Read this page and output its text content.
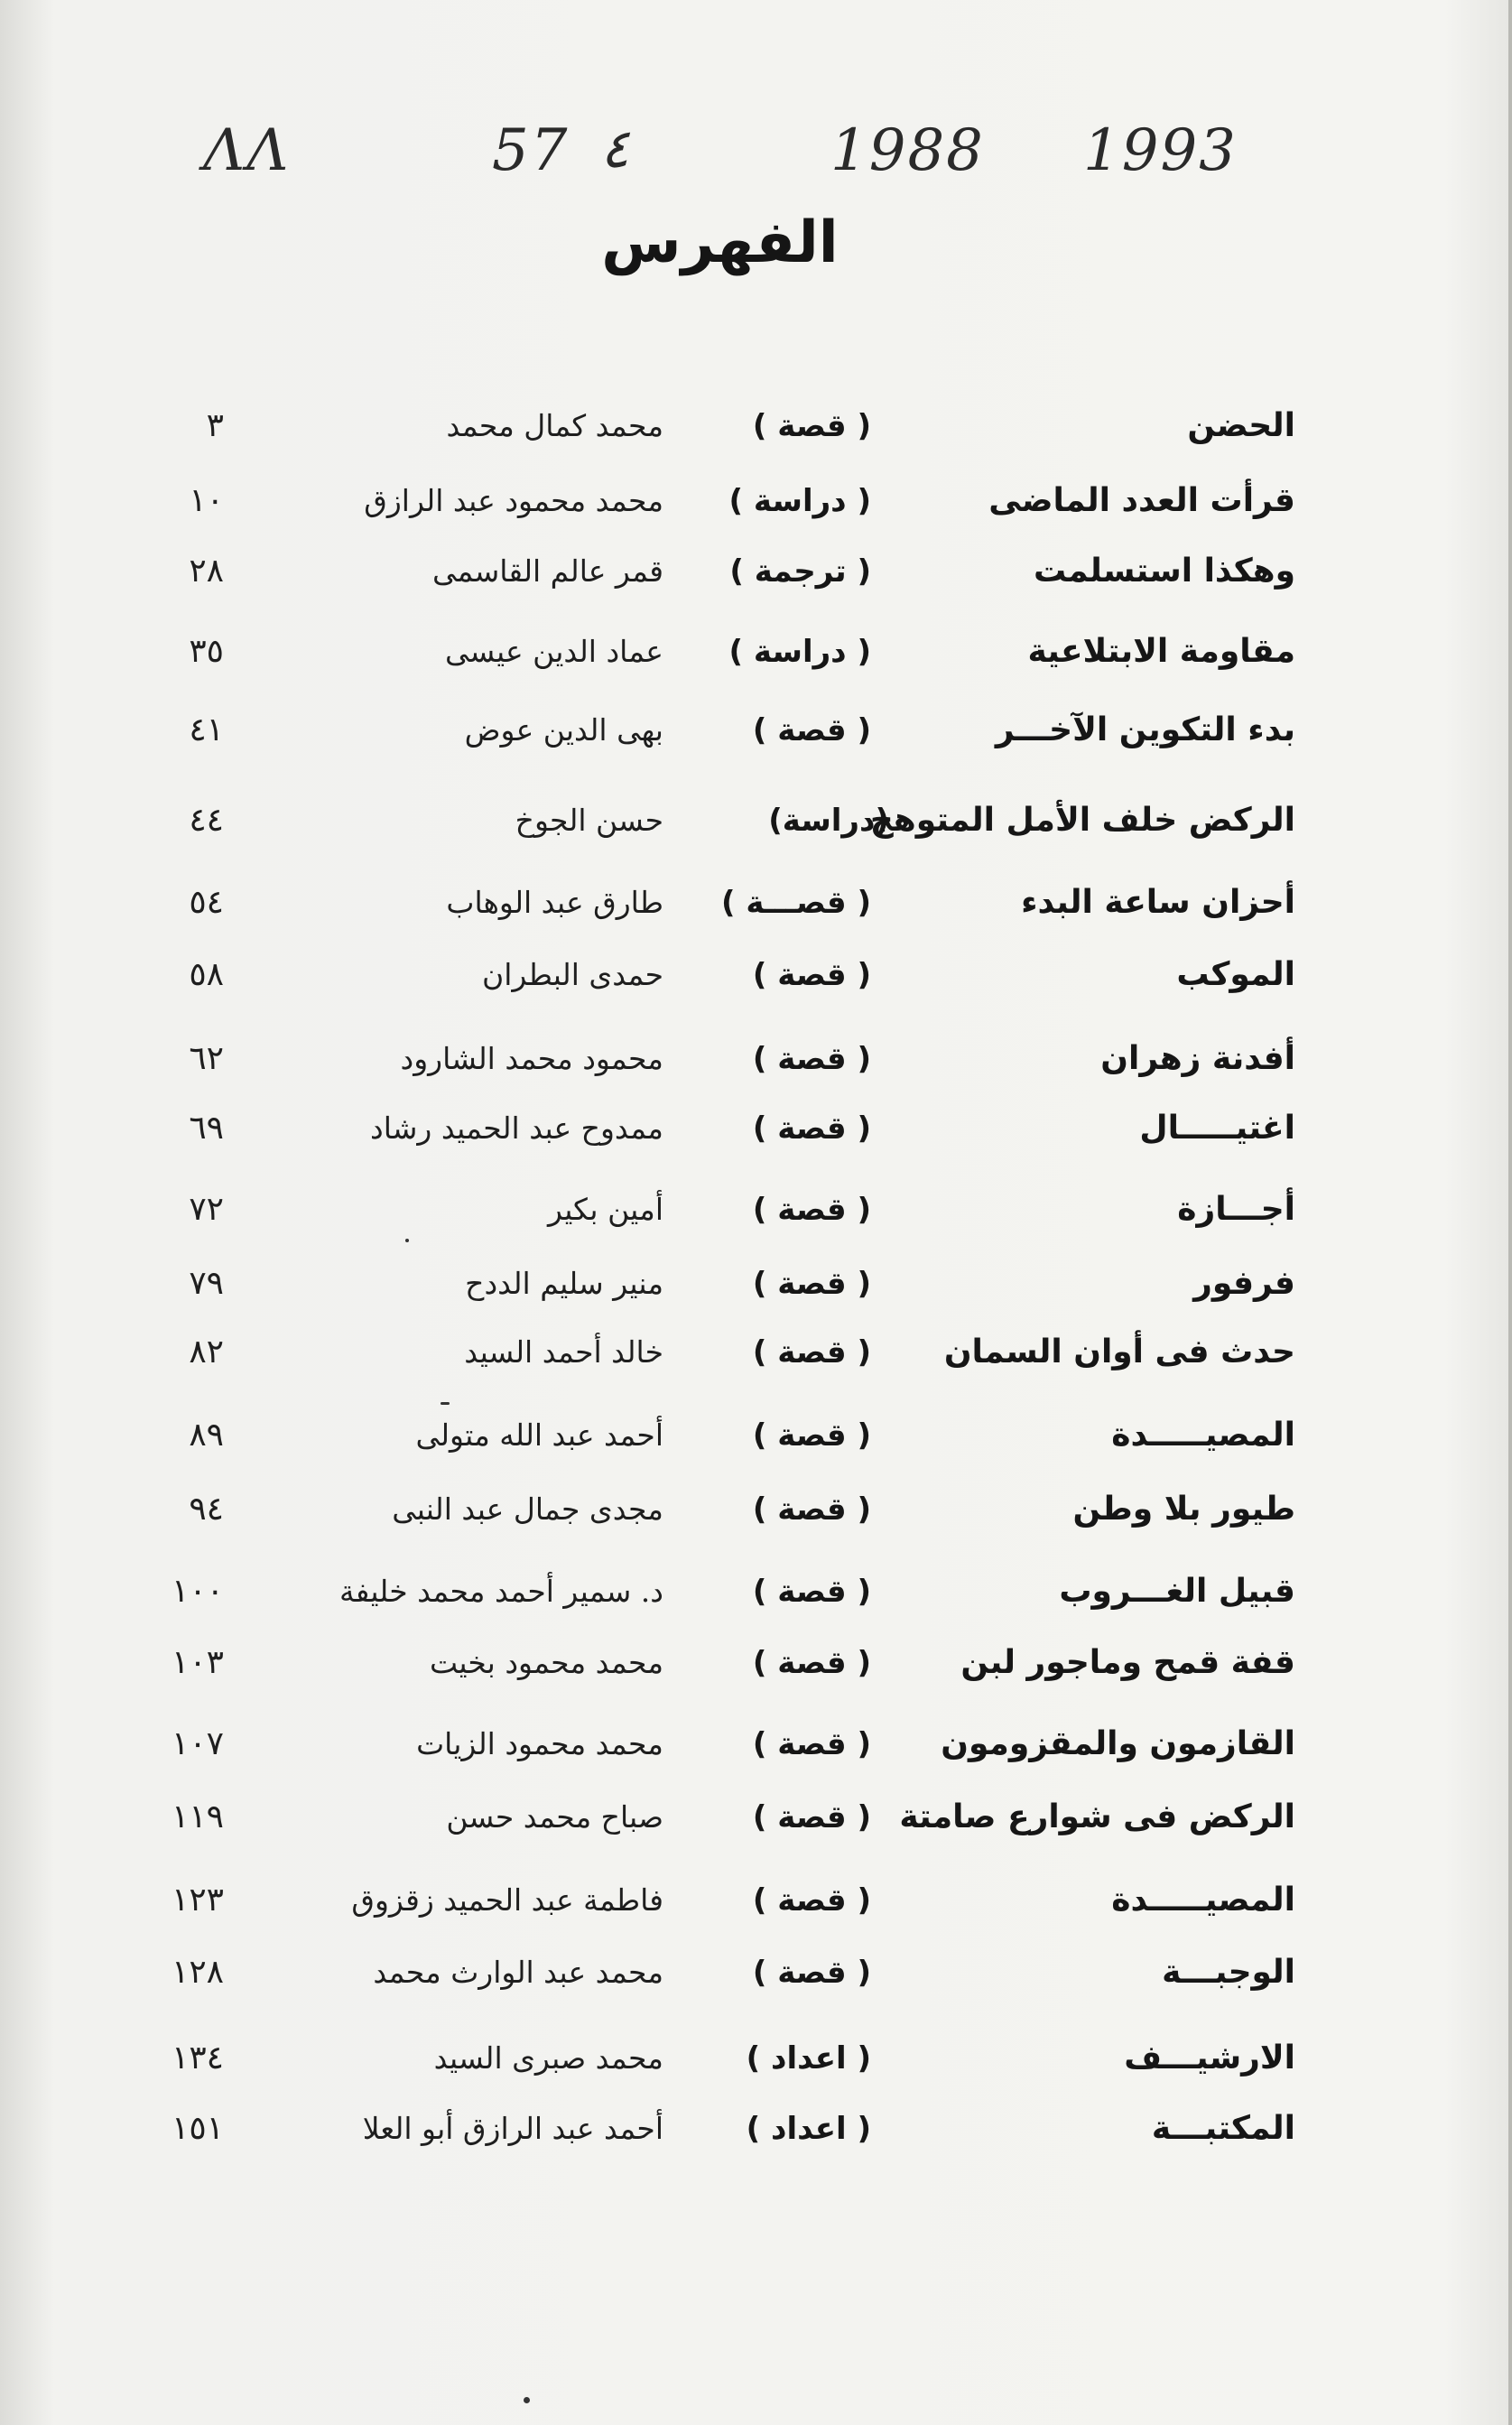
ΛΛ	57 ٤	1988 1993
الفهرس
الحضن
( قصة )
محمد كمال محمد
٣
قرأت العدد الماضى
( دراسة )
محمد محمود عبد الرازق
١٠
وهكذا استسلمت
( ترجمة )
قمر عالم القاسمى
٢٨
مقاومة الابتلاعية
( دراسة )
عماد الدين عيسى
٣٥
بدء التكوين الآخـــر
( قصة )
بهى الدين عوض
٤١
الركض خلف الأمل المتوهج
(دراسة)
حسن الجوخ
٤٤
أحزان ساعة البدء
( قصـــة )
طارق عبد الوهاب
٥٤
الموكب
( قصة )
حمدى البطران
٥٨
أفدنة زهران
( قصة )
محمود محمد الشارود
٦٢
اغتيـــــال
( قصة )
ممدوح عبد الحميد رشاد
٦٩
أجـــازة
( قصة )
أمين بكير
٧٢
فرفور
( قصة )
منير سليم الددح
٧٩
حدث فى أوان السمان
( قصة )
خالد أحمد السيد
٨٢
المصيـــــدة
( قصة )
أحمد عبد الله متولى
٨٩
طيور بلا وطن
( قصة )
مجدى جمال عبد النبى
٩٤
قبيل الغـــروب
( قصة )
د. سمير أحمد محمد خليفة
١٠٠
قفة قمح وماجور لبن
( قصة )
محمد محمود بخيت
١٠٣
القازمون والمقزومون
( قصة )
محمد محمود الزيات
١٠٧
الركض فى شوارع صامتة
( قصة )
صباح محمد حسن
١١٩
المصيـــــدة
( قصة )
فاطمة عبد الحميد زقزوق
١٢٣
الوجبـــة
( قصة )
محمد عبد الوارث محمد
١٢٨
الارشيـــف
( اعداد )
محمد صبرى السيد
١٣٤
المكتبـــة
( اعداد )
أحمد عبد الرازق أبو العلا
١٥١
